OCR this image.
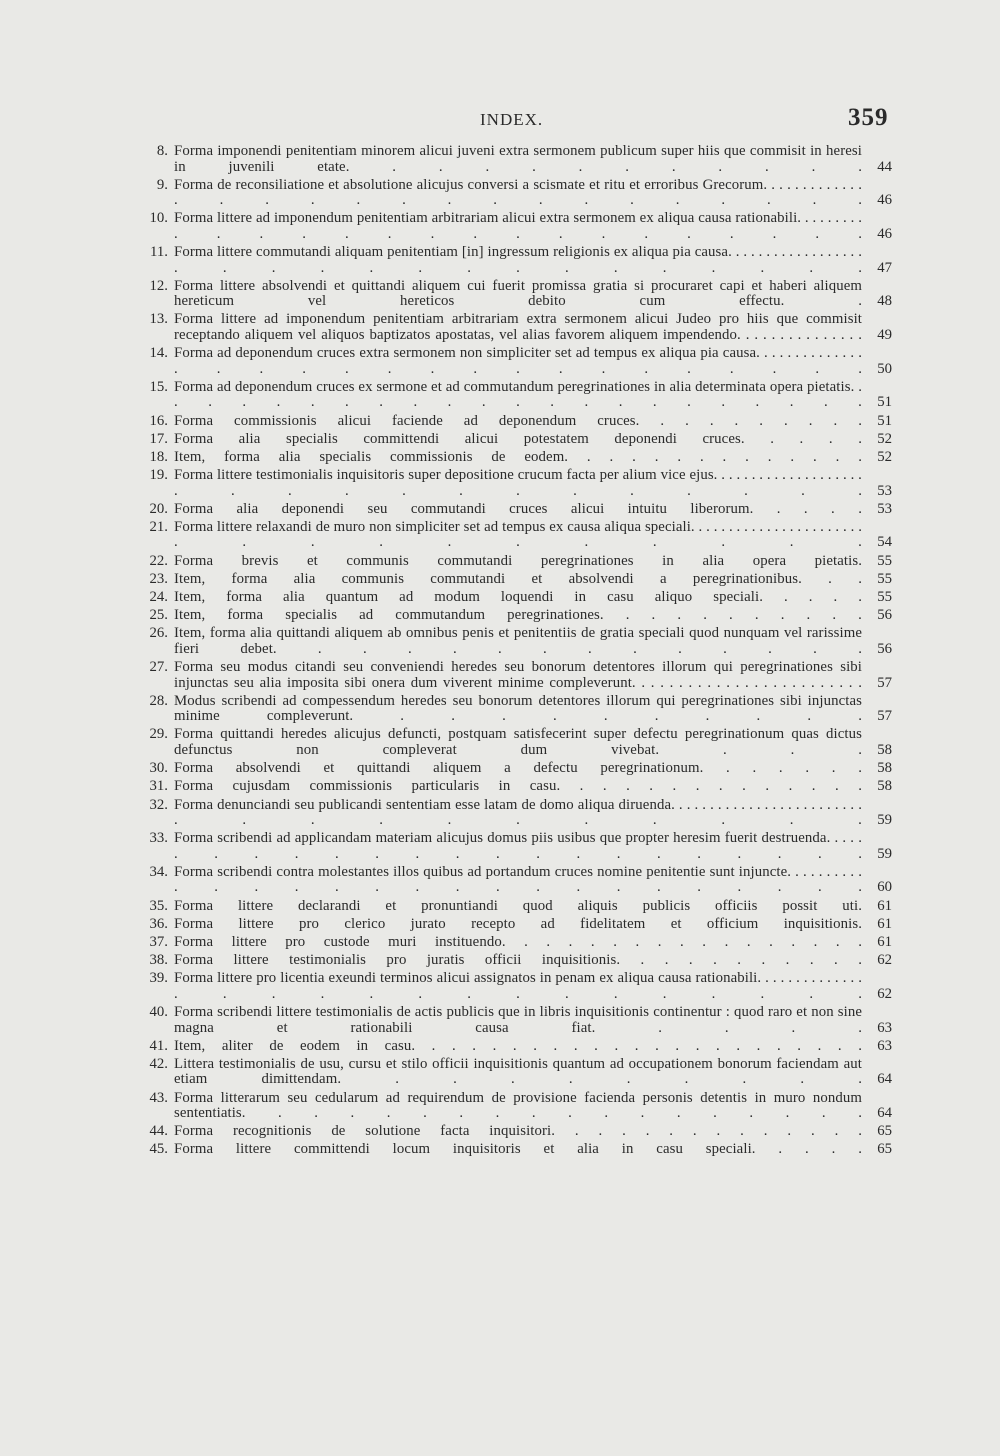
INDEX.	359
8. Forma imponendi penitentiam minorem alicui juveni extra sermonem publicum super hiis que commisit in heresi in juvenili etate. . . . . . . . . . . .	44
9. Forma de reconsiliatione et absolutione alicujus conversi a scismate et ritu et erroribus Grecorum. . . . . . . . . . . . . . . . . . . . . . . . . . . . .	46
10. Forma littere ad imponendum penitentiam arbitrariam alicui extra sermonem ex aliqua causa rationabili. . . . . . . . . . . . . . . . . . . . . . . . . .	46
11. Forma littere commutandi aliquam penitentiam [in] ingressum religionis ex aliqua pia causa. . . . . . . . . . . . . . . . . . . . . . . . . . . . . . . . .	47
12. Forma littere absolvendi et quittandi aliquem cui fuerit promissa gratia si procuraret capi et haberi aliquem hereticum vel hereticos debito cum effectu. .	48
13. Forma littere ad imponendum penitentiam arbitrariam extra sermonem alicui Judeo pro hiis que commisit receptando aliquem vel aliquos baptizatos apostatas, vel alias favorem aliquem impendendo. . . . . . . . . . . . . . .	49
14. Forma ad deponendum cruces extra sermonem non simpliciter set ad tempus ex aliqua pia causa. . . . . . . . . . . . . . . . . . . . . . . . . . . . . . .	50
15. Forma ad deponendum cruces ex sermone et ad commutandum peregrinationes in alia determinata opera pietatis. . . . . . . . . . . . . . . . . . . . . . .	51
16. Forma commissionis alicui faciende ad deponendum cruces. . . . . . . . . .	51
17. Forma alia specialis committendi alicui potestatem deponendi cruces. . . . .	52
18. Item, forma alia specialis commissionis de eodem. . . . . . . . . . . . . .	52
19. Forma littere testimonialis inquisitoris super depositione crucum facta per alium vice ejus. . . . . . . . . . . . . . . . . . . . . . . . . . . . . . . . .	53
20. Forma alia deponendi seu commutandi cruces alicui intuitu liberorum. . . . .	53
21. Forma littere relaxandi de muro non simpliciter set ad tempus ex causa aliqua speciali. . . . . . . . . . . . . . . . . . . . . . . . . . . . . . . . . .	54
22. Forma brevis et communis commutandi peregrinationes in alia opera pietatis.	55
23. Item, forma alia communis commutandi et absolvendi a peregrinationibus. . .	55
24. Item, forma alia quantum ad modum loquendi in casu aliquo speciali. . . . .	55
25. Item, forma specialis ad commutandum peregrinationes. . . . . . . . . . .	56
26. Item, forma alia quittandi aliquem ab omnibus penis et penitentiis de gratia speciali quod nunquam vel rarissime fieri debet. . . . . . . . . . . . . .	56
27. Forma seu modus citandi seu conveniendi heredes seu bonorum detentores illorum qui peregrinationes sibi injunctas seu alia imposita sibi onera dum viverent minime compleverunt. . . . . . . . . . . . . . . . . . . . . . . . .	57
28. Modus scribendi ad compessendum heredes seu bonorum detentores illorum qui peregrinationes sibi injunctas minime compleverunt. . . . . . . . . . .	57
29. Forma quittandi heredes alicujus defuncti, postquam satisfecerint super defectu peregrinationum quas dictus defunctus non compleverat dum vivebat. . . .	58
30. Forma absolvendi et quittandi aliquem a defectu peregrinationum. . . . . . .	58
31. Forma cujusdam commissionis particularis in casu. . . . . . . . . . . . . .	58
32. Forma denunciandi seu publicandi sententiam esse latam de domo aliqua diruenda. . . . . . . . . . . . . . . . . . . . . . . . . . . . . . . . . . . .	59
33. Forma scribendi ad applicandam materiam alicujus domus piis usibus que propter heresim fuerit destruenda. . . . . . . . . . . . . . . . . . . . . . .	59
34. Forma scribendi contra molestantes illos quibus ad portandum cruces nomine penitentie sunt injuncte. . . . . . . . . . . . . . . . . . . . . . . . . . . .	60
35. Forma littere declarandi et pronuntiandi quod aliquis publicis officiis possit uti.	61
36. Forma littere pro clerico jurato recepto ad fidelitatem et officium inquisitionis.	61
37. Forma littere pro custode muri instituendo. . . . . . . . . . . . . . . . .	61
38. Forma littere testimonialis pro juratis officii inquisitionis. . . . . . . . . . .	62
39. Forma littere pro licentia exeundi terminos alicui assignatos in penam ex aliqua causa rationabili. . . . . . . . . . . . . . . . . . . . . . . . . . . . .	62
40. Forma scribendi littere testimonialis de actis publicis que in libris inquisitionis continentur : quod raro et non sine magna et rationabili causa fiat. . . . .	63
41. Item, aliter de eodem in casu. . . . . . . . . . . . . . . . . . . . . . .	63
42. Littera testimonialis de usu, cursu et stilo officii inquisitionis quantum ad occupationem bonorum faciendam aut etiam dimittendam. . . . . . . . . .	64
43. Forma litterarum seu cedularum ad requirendum de provisione facienda personis detentis in muro nondum sententiatis. . . . . . . . . . . . . . . . . .	64
44. Forma recognitionis de solutione facta inquisitori. . . . . . . . . . . . . .	65
45. Forma littere committendi locum inquisitoris et alia in casu speciali. . . . .	65
